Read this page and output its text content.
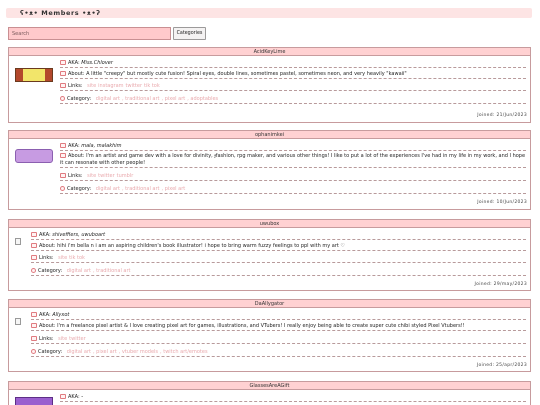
ʕ•ᴥ• Members •ᴥ•ʔ
Search	Categories
AcidKeyLime
AKA: Miss.Chlover
About: A little "creepy" but mostly cute fusion! Spiral eyes, double lines, sometimes pastel, sometimes neon, and very heavily "kawaii"
Links: site instagram twitter tik tok
Category: digital art , traditional art , pixel art , adoptables
Joined: 21/Jun/2023
ophanimkei
AKA: mala, malakhim
About: I'm an artist and game dev with a love for divinity, ɟfashion, rpg maker, and various other things! I like to put a lot of the experiences I've had in my life in my work, and I hope it can resonate with other people!
Links: site twitter tumblr
Category: digital art , traditional art , pixel art
Joined: 10/Jun/2023
uwubox
AKA: shiveffiers, uwuboart
About: hihi i'm bella n i am an aspiring children's book illustrator! i hope to bring warm fuzzy feelings to ppl with my art ♡
Links: site tik tok
Category: digital art , traditional art
Joined: 29/may/2023
DaAllygator
AKA: Allyxot
About: I'm a freelance pixel artist & I love creating pixel art for games, illustrations, and VTubers! I really enjoy being able to create super cute chibi styled Pixel Vtubers!!
Links: site twitter
Category: digital art , pixel art , vtuber models , twitch art/emotes
Joined: 25/apr/2023
GlassesAreAGift
AKA: -
